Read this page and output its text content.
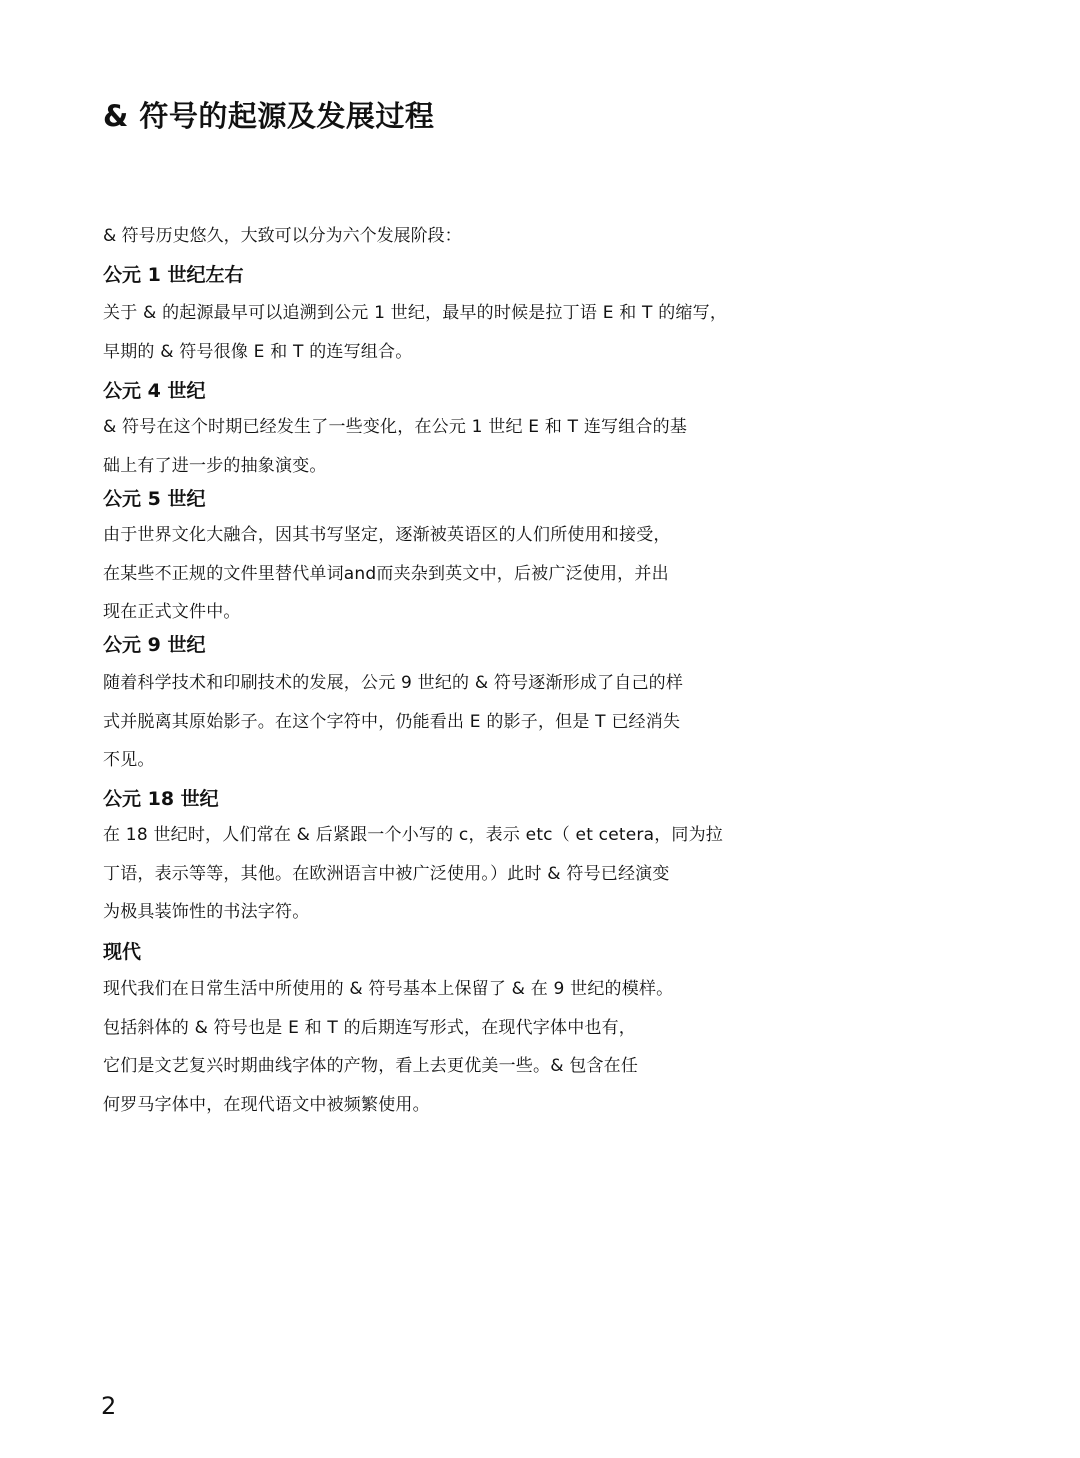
& 符号的起源及发展过程

& 符号历史悠久，大致可以分为六个发展阶段：

公元 1 世纪左右

关于 & 的起源最早可以追溯到公元 1 世纪，最早的时候是拉丁语 E 和 T 的缩写，
早期的 & 符号很像 E 和 T 的连写组合。

公元 4 世纪

& 符号在这个时期已经发生了一些变化，在公元 1 世纪 E 和 T 连写组合的基
础上有了进一步的抽象演变。

公元 5 世纪

由于世界文化大融合，因其书写坚定，逐渐被英语区的人们所使用和接受，
在某些不正规的文件里替代单词and而夹杂到英文中，后被广泛使用，并出
现在正式文件中。

公元 9 世纪

随着科学技术和印刷技术的发展，公元 9 世纪的 & 符号逐渐形成了自己的样
式并脱离其原始影子。在这个字符中，仍能看出 E 的影子，但是 T 已经消失
不见。

公元 18 世纪

在 18 世纪时，人们常在 & 后紧跟一个小写的 c，表示 etc（ et cetera，同为拉
丁语，表示等等，其他。在欧洲语言中被广泛使用。）此时 & 符号已经演变
为极具装饰性的书法字符。

现代

现代我们在日常生活中所使用的 & 符号基本上保留了 & 在 9 世纪的模样。
包括斜体的 & 符号也是 E 和 T 的后期连写形式，在现代字体中也有，
它们是文艺复兴时期曲线字体的产物，看上去更优美一些。& 包含在任
何罗马字体中，在现代语文中被频繁使用。

2
